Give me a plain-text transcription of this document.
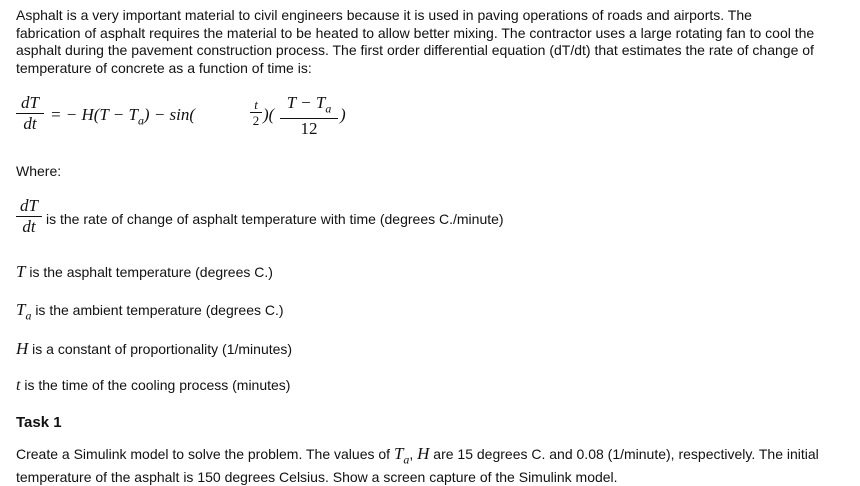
Asphalt is a very important material to civil engineers because it is used in paving operations of roads and airports. The
fabrication of asphalt requires the material to be heated to allow better mixing. The contractor uses a large rotating fan to cool the
asphalt during the pavement construction process. The first order differential equation (dT/dt) that estimates the rate of change of
temperature of concrete as a function of time is:
dT
dt = − $H(T - T_a) - \sin$(
t
2 )(
$T - T_a$
12
)
Where:
dT
dt is the rate of change of asphalt temperature with time (degrees C./minute)
T is the asphalt temperature (degrees C.)
$T_a$ is the ambient temperature (degrees C.)
H is a constant of proportionality (1/minutes)
t is the time of the cooling process (minutes)
Task 1
Create a Simulink model to solve the problem. The values of $T_a$, H are 15 degrees C. and 0.08 (1/minute), respectively. The initial
temperature of the asphalt is 150 degrees Celsius. Show a screen capture of the Simulink model.
